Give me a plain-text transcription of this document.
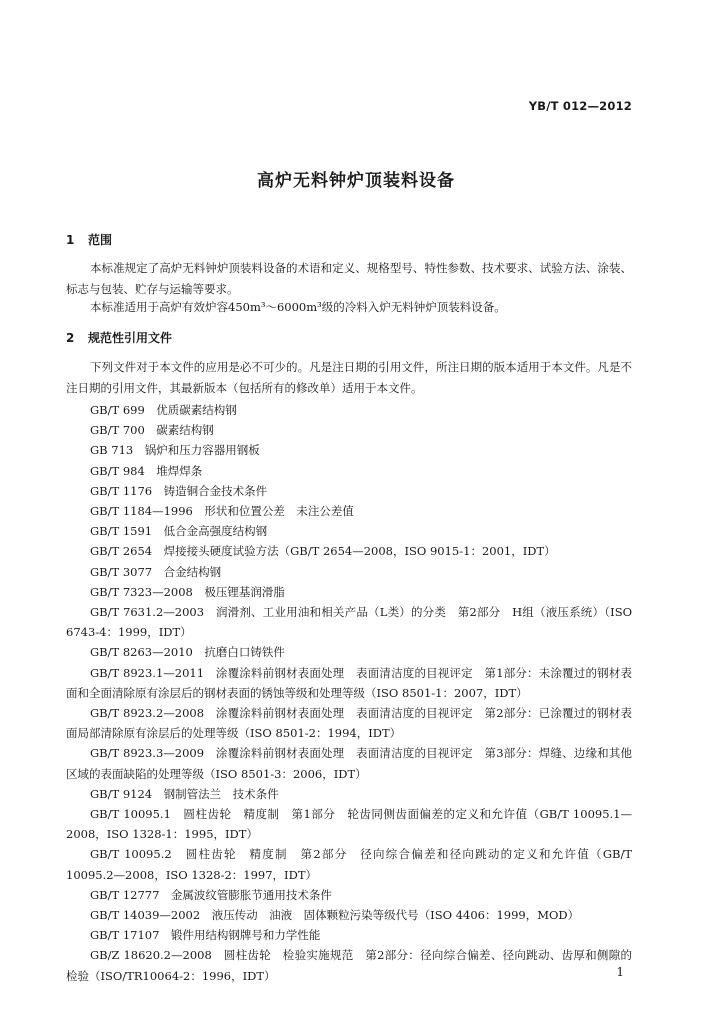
YB/T 012—2012
高炉无料钟炉顶装料设备
1 范围

本标准规定了高炉无料钟炉顶装料设备的术语和定义、规格型号、特性参数、技术要求、试验方法、涂装、标志与包装、贮存与运输等要求。

本标准适用于高炉有效炉容450m³～6000m³级的冷料入炉无料钟炉顶装料设备。

2 规范性引用文件

下列文件对于本文件的应用是必不可少的。凡是注日期的引用文件，所注日期的版本适用于本文件。凡是不注日期的引用文件，其最新版本（包括所有的修改单）适用于本文件。

GB/T 699　优质碳素结构钢
GB/T 700　碳素结构钢
GB 713　锅炉和压力容器用钢板
GB/T 984　堆焊焊条
GB/T 1176　铸造铜合金技术条件
GB/T 1184—1996　形状和位置公差　未注公差值
GB/T 1591　低合金高强度结构钢
GB/T 2654　焊接接头硬度试验方法（GB/T 2654—2008，ISO 9015-1：2001，IDT）
GB/T 3077　合金结构钢
GB/T 7323—2008　极压锂基润滑脂
GB/T 7631.2—2003　润滑剂、工业用油和相关产品（L类）的分类　第2部分　H组（液压系统）（ISO 6743-4：1999，IDT）
GB/T 8263—2010　抗磨白口铸铁件
GB/T 8923.1—2011　涂覆涂料前钢材表面处理　表面清洁度的目视评定　第1部分：未涂覆过的钢材表面和全面清除原有涂层后的钢材表面的锈蚀等级和处理等级（ISO 8501-1：2007，IDT）
GB/T 8923.2—2008　涂覆涂料前钢材表面处理　表面清洁度的目视评定　第2部分：已涂覆过的钢材表面局部清除原有涂层后的处理等级（ISO 8501-2：1994，IDT）
GB/T 8923.3—2009　涂覆涂料前钢材表面处理　表面清洁度的目视评定　第3部分：焊缝、边缘和其他区域的表面缺陷的处理等级（ISO 8501-3：2006，IDT）
GB/T 9124　钢制管法兰　技术条件
GB/T 10095.1　圆柱齿轮　精度制　第1部分　轮齿同侧齿面偏差的定义和允许值（GB/T 10095.1—2008，ISO 1328-1：1995，IDT）
GB/T 10095.2　圆柱齿轮　精度制　第2部分　径向综合偏差和径向跳动的定义和允许值（GB/T 10095.2—2008，ISO 1328-2：1997，IDT）
GB/T 12777　金属波纹管膨胀节通用技术条件
GB/T 14039—2002　液压传动　油液　固体颗粒污染等级代号（ISO 4406：1999，MOD）
GB/T 17107　锻件用结构钢牌号和力学性能
GB/Z 18620.2—2008　圆柱齿轮　检验实施规范　第2部分：径向综合偏差、径向跳动、齿厚和侧隙的检验（ISO/TR10064-2：1996，IDT）	1
